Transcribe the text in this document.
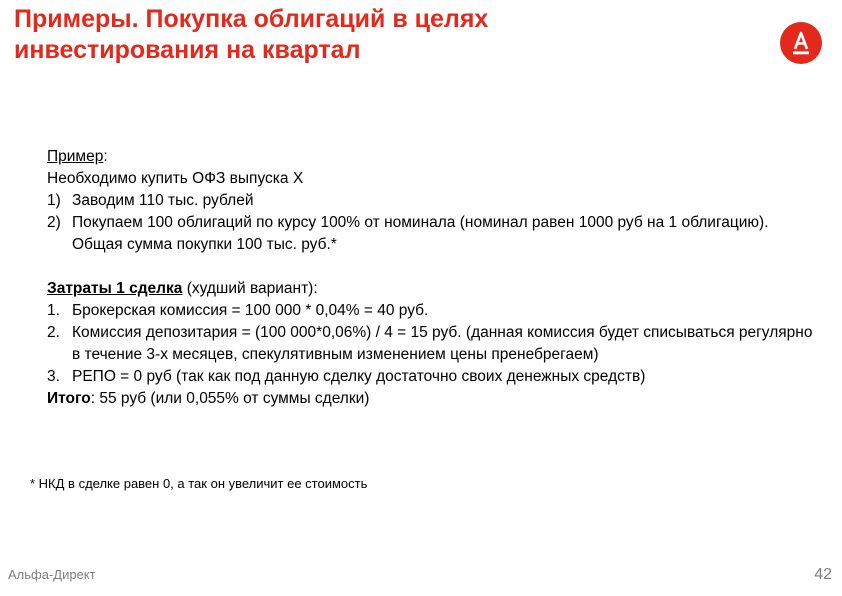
Примеры. Покупка облигаций в целях
инвестирования на квартал

Пример:

Необходимо купить ОФЗ выпуска X

1) Заводим 110 тыс. рублей
2) Покупаем 100 облигаций по курсу 100% от номинала (номинал равен 1000 руб на 1 облигацию). Общая сумма покупки 100 тыс. руб.*

Затраты 1 сделка (худший вариант):

1. Брокерская комиссия = 100 000 * 0,04% = 40 руб.
2. Комиссия депозитария = (100 000*0,06%) / 4 = 15 руб. (данная комиссия будет списываться регулярно в течение 3-х месяцев, спекулятивным изменением цены пренебрегаем)
3. РЕПО = 0 руб (так как под данную сделку достаточно своих денежных средств)

Итого: 55 руб (или 0,055% от суммы сделки)

* НКД в сделке равен 0, а так он увеличит ее стоимость
Альфа-Директ	42
